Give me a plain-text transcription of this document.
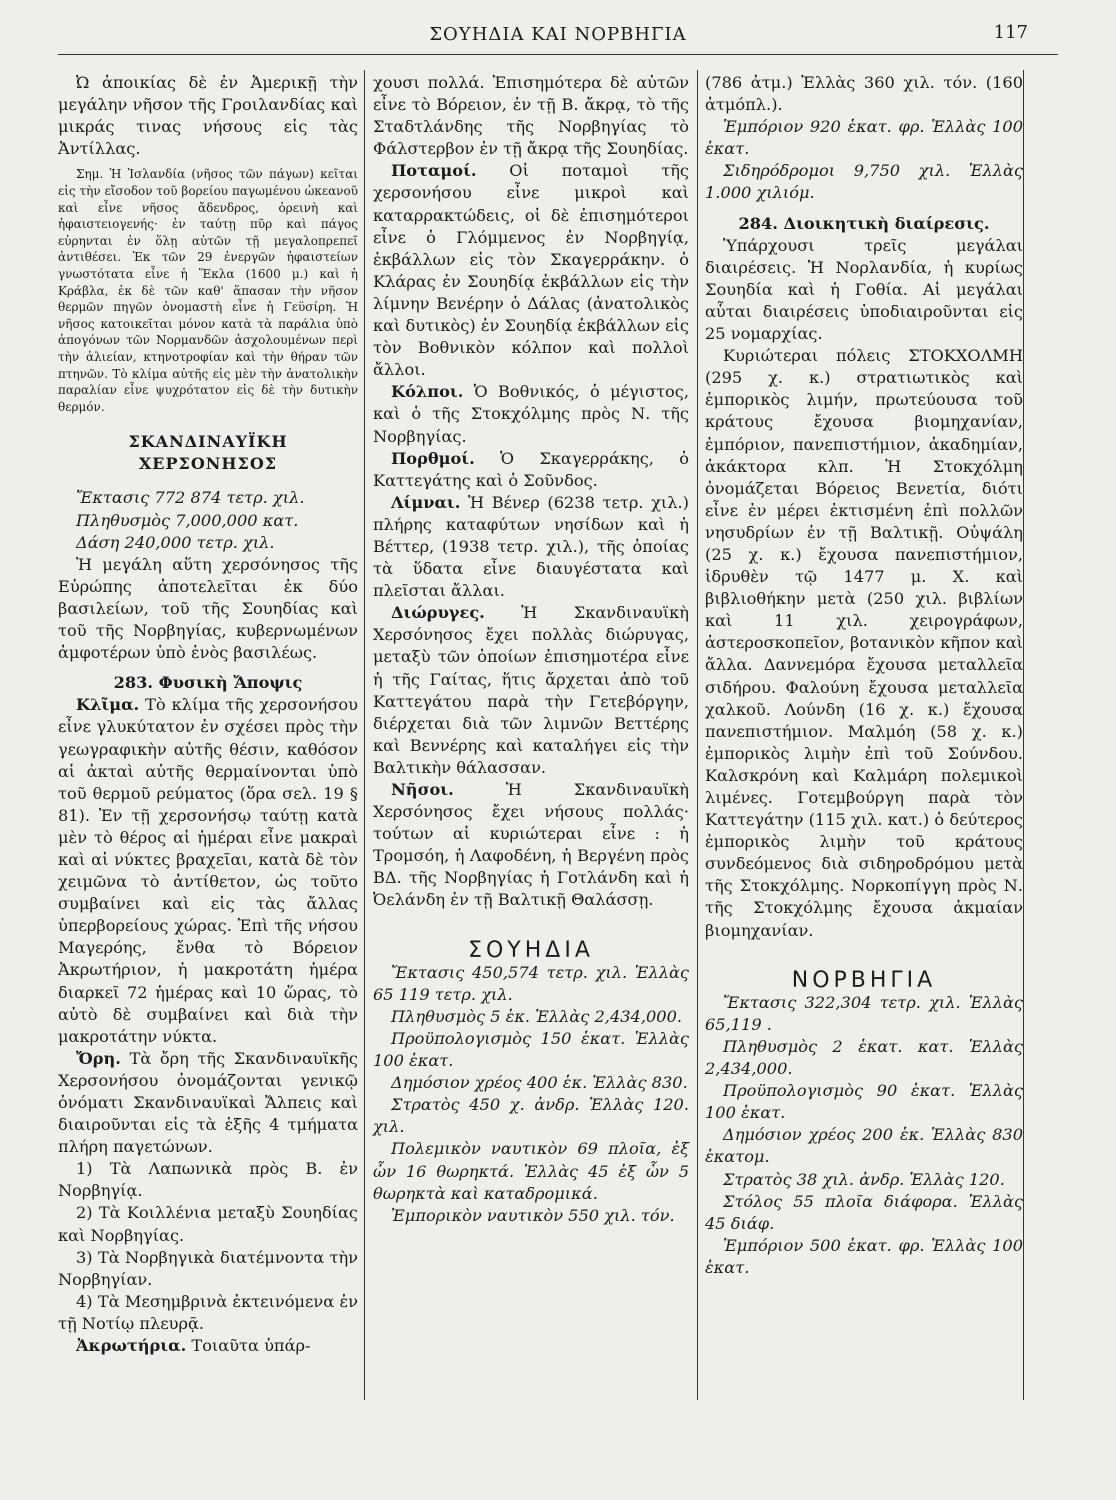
ΣΟΥΗΔΙΑ ΚΑΙ ΝΟΡΒΗΓΙΑ	117

Ὠ ἀποικίας δὲ ἐν Ἀμερικῇ τὴν μεγάλην νῆσον τῆς Γροιλανδίας καὶ μικράς τινας νήσους εἰς τὰς Ἀντίλλας.

Σημ. Ἡ Ἰσλανδία (νῆσος τῶν πάγων) κεῖται εἰς τὴν εἴσοδον τοῦ βορείου παγωμένου ὠκεανοῦ καὶ εἶνε νῆσος ἄδενδρος, ὀρεινὴ καὶ ἡφαιστειογενής· ἐν ταύτῃ πῦρ καὶ πάγος εὑρηνται ἐν ὅλῃ αὐτῶν τῇ μεγαλοπρεπεῖ ἀντιθέσει. Ἐκ τῶν 29 ἐνεργῶν ἡφαιστείων γνωστότατα εἶνε ἡ Ἕκλα (1600 μ.) καὶ ἡ Κράβλα, ἐκ δὲ τῶν καθ' ἅπασαν τὴν νῆσον θερμῶν πηγῶν ὀνομαστὴ εἶνε ἡ Γεϋσίρη. Ἡ νῆσος κατοικεῖται μόνον κατὰ τὰ παράλια ὑπὸ ἀπογόνων τῶν Νορμανδῶν ἀσχολουμένων περὶ τὴν ἁλιείαν, κτηνοτροφίαν καὶ τὴν θήραν τῶν πτηνῶν. Τὸ κλίμα αὐτῆς εἰς μὲν τὴν ἀνατολικὴν παραλίαν εἶνε ψυχρότατον εἰς δὲ τὴν δυτικὴν θερμόν.

ΣΚΑΝΔΙΝΑΥΪΚΗ ΧΕΡΣΟΝΗΣΟΣ

Ἔκτασις 772 874 τετρ. χιλ.

Πληθυσμὸς 7,000,000 κατ.

Δάση 240,000 τετρ. χιλ.

Ἡ μεγάλη αὕτη χερσόνησος τῆς Εὐρώπης ἀποτελεῖται ἐκ δύο βασιλείων, τοῦ τῆς Σουηδίας καὶ τοῦ τῆς Νορβηγίας, κυβερνωμένων ἀμφοτέρων ὑπὸ ἑνὸς βασιλέως.

283. Φυσικὴ Ἄποψις

Κλῖμα. Τὸ κλίμα τῆς χερσονήσου εἶνε γλυκύτατον ἐν σχέσει πρὸς τὴν γεωγραφικὴν αὐτῆς θέσιν, καθόσον αἱ ἀκταὶ αὐτῆς θερμαίνονται ὑπὸ τοῦ θερμοῦ ρεύματος (ὅρα σελ. 19 § 81). Ἐν τῇ χερσονήσῳ ταύτῃ κατὰ μὲν τὸ θέρος αἱ ἡμέραι εἶνε μακραὶ καὶ αἱ νύκτες βραχεῖαι, κατὰ δὲ τὸν χειμῶνα τὸ ἀντίθετον, ὡς τοῦτο συμβαίνει καὶ εἰς τὰς ἄλλας ὑπερβορείους χώρας. Ἐπὶ τῆς νήσου Μαγερόης, ἔνθα τὸ Βόρειον Ἀκρωτήριον, ἡ μακροτάτη ἡμέρα διαρκεῖ 72 ἡμέρας καὶ 10 ὥρας, τὸ αὐτὸ δὲ συμβαίνει καὶ διὰ τὴν μακροτάτην νύκτα.

Ὄρη. Τὰ ὄρη τῆς Σκανδιναυϊκῆς Χερσονήσου ὀνομάζονται γενικῷ ὀνόματι Σκανδιναυϊκαὶ Ἄλπεις καὶ διαιροῦνται εἰς τὰ ἑξῆς 4 τμήματα πλήρη παγετώνων.

1) Τὰ Λαπωνικὰ πρὸς Β. ἐν Νορβηγίᾳ.

2) Τὰ Κοιλλένια μεταξὺ Σουηδίας καὶ Νορβηγίας.

3) Τὰ Νορβηγικὰ διατέμνοντα τὴν Νορβηγίαν.

4) Τὰ Μεσημβρινὰ ἐκτεινόμενα ἐν τῇ Νοτίῳ πλευρᾷ.

Ἀκρωτήρια. Τοιαῦτα ὑπάρ-

χουσι πολλά. Ἐπισημότερα δὲ αὐτῶν εἶνε τὸ Βόρειον, ἐν τῇ Β. ἄκρᾳ, τὸ τῆς Σταδτλάνδης τῆς Νορβηγίας τὸ Φάλστερβον ἐν τῇ ἄκρᾳ τῆς Σουηδίας.

Ποταμοί. Οἱ ποταμοὶ τῆς χερσονήσου εἶνε μικροὶ καὶ καταρρακτώδεις, οἱ δὲ ἐπισημότεροι εἶνε ὁ Γλόμμενος ἐν Νορβηγίᾳ, ἐκβάλλων εἰς τὸν Σκαγερράκην. ὁ Κλάρας ἐν Σουηδίᾳ ἐκβάλλων εἰς τὴν λίμνην Βενέρην ὁ Δάλας (ἀνατολικὸς καὶ δυτικὸς) ἐν Σουηδίᾳ ἐκβάλλων εἰς τὸν Βοθνικὸν κόλπον καὶ πολλοὶ ἄλλοι.

Κόλποι. Ὁ Βοθνικός, ὁ μέγιστος, καὶ ὁ τῆς Στοκχόλμης πρὸς Ν. τῆς Νορβηγίας.

Πορθμοί. Ὁ Σκαγερράκης, ὁ Καττεγάτης καὶ ὁ Σοῦνδος.

Λίμναι. Ἡ Βένερ (6238 τετρ. χιλ.) πλήρης καταφύτων νησίδων καὶ ἡ Βέττερ, (1938 τετρ. χιλ.), τῆς ὁποίας τὰ ὕδατα εἶνε διαυγέστατα καὶ πλεῖσται ἄλλαι.

Διώρυγες. Ἡ Σκανδιναυϊκὴ Χερσόνησος ἔχει πολλὰς διώρυγας, μεταξὺ τῶν ὁποίων ἐπισημοτέρα εἶνε ἡ τῆς Γαίτας, ἥτις ἄρχεται ἀπὸ τοῦ Καττεγάτου παρὰ τὴν Γετεβόργην, διέρχεται διὰ τῶν λιμνῶν Βεττέρης καὶ Βεννέρης καὶ καταλήγει εἰς τὴν Βαλτικὴν θάλασσαν.

Νῆσοι.	Ἡ Σκανδιναυϊκὴ Χερσόνησος ἔχει νήσους πολλάς· τούτων αἱ κυριώτεραι εἶνε : ἡ Τρομσόη, ἡ Λαφοδένη, ἡ Βεργένη πρὸς ΒΔ. τῆς Νορβηγίας ἡ Γοτλάνδη καὶ ἡ Ὀελάνδη ἐν τῇ Βαλτικῇ Θαλάσσῃ.

ΣΟΥΗΔΙΑ

Ἔκτασις 450,574 τετρ. χιλ. Ἑλλὰς 65 119 τετρ. χιλ.

Πληθυσμὸς 5 ἑκ. Ἑλλὰς 2,434,000.

Προϋπολογισμὸς 150 ἑκατ. Ἑλλὰς 100 ἑκατ.

Δημόσιον χρέος 400 ἑκ. Ἑλλὰς 830.

Στρατὸς 450 χ. ἀνδρ. Ἑλλὰς 120. χιλ.

Πολεμικὸν ναυτικὸν 69 πλοῖα, ἐξ ὧν 16 θωρηκτά. Ἑλλὰς 45 ἐξ ὧν 5 θωρηκτὰ καὶ καταδρομικά.

Ἐμπορικὸν ναυτικὸν 550 χιλ. τόν.

(786 ἀτμ.) Ἑλλὰς 360 χιλ. τόν. (160 ἀτμόπλ.).

Ἐμπόριον 920 ἑκατ. φρ. Ἑλλὰς 100 ἑκατ.

Σιδηρόδρομοι 9,750 χιλ. Ἑλλὰς 1.000 χιλιόμ.

284. Διοικητικὴ διαίρεσις.

Ὑπάρχουσι τρεῖς μεγάλαι διαιρέσεις. Ἡ Νορλανδία, ἡ κυρίως Σουηδία καὶ ἡ Γοθία. Αἱ μεγάλαι αὗται διαιρέσεις ὑποδιαιροῦνται εἰς 25 νομαρχίας.

Κυριώτεραι πόλεις ΣΤΟΚΧΟΛΜΗ (295 χ. κ.) στρατιωτικὸς καὶ ἐμπορικὸς λιμήν, πρωτεύουσα τοῦ κράτους ἔχουσα βιομηχανίαν, ἐμπόριον, πανεπιστήμιον, ἀκαδημίαν, ἀκάκτορα κλπ. Ἡ Στοκχόλμη ὀνομάζεται Βόρειος Βενετία, διότι εἶνε ἐν μέρει ἐκτισμένη ἐπὶ πολλῶν νησυδρίων ἐν τῇ Βαλτικῇ. Οὐψάλη (25 χ. κ.) ἔχουσα πανεπιστήμιον, ἱδρυθὲν τῷ 1477 μ. Χ. καὶ βιβλιοθήκην μετὰ (250 χιλ. βιβλίων καὶ 11 χιλ. χειρογράφων, ἀστεροσκοπεῖον, βοτανικὸν κῆπον καὶ ἄλλα. Δαννεμόρα ἔχουσα μεταλλεῖα σιδήρου. Φαλούνη ἔχουσα μεταλλεῖα χαλκοῦ. Λούνδη (16 χ. κ.) ἔχουσα πανεπιστήμιον. Μαλμόη (58 χ. κ.) ἐμπορικὸς λιμὴν ἐπὶ τοῦ Σούνδου. Καλσκρόνη καὶ Καλμάρη πολεμικοὶ λιμένες. Γοτεμβούργη παρὰ τὸν Καττεγάτην (115 χιλ. κατ.) ὁ δεύτερος ἐμπορικὸς λιμὴν τοῦ κράτους συνδεόμενος διὰ σιδηροδρόμου μετὰ τῆς Στοκχόλμης. Νορκοπίγγη πρὸς Ν. τῆς Στοκχόλμης ἔχουσα ἀκμαίαν βιομηχανίαν.

ΝΟΡΒΗΓΙΑ

Ἔκτασις 322,304 τετρ. χιλ. Ἑλλὰς 65,119 .

Πληθυσμὸς 2 ἑκατ. κατ. Ἑλλὰς 2,434,000.

Προϋπολογισμὸς 90 ἑκατ. Ἑλλὰς 100 ἑκατ.

Δημόσιον χρέος 200 ἑκ. Ἑλλὰς 830 ἑκατομ.

Στρατὸς 38 χιλ. ἀνδρ. Ἑλλὰς 120.

Στόλος 55 πλοῖα διάφορα. Ἑλλὰς 45 διάφ.

Ἐμπόριον 500 ἑκατ. φρ. Ἑλλὰς 100 ἑκατ.
